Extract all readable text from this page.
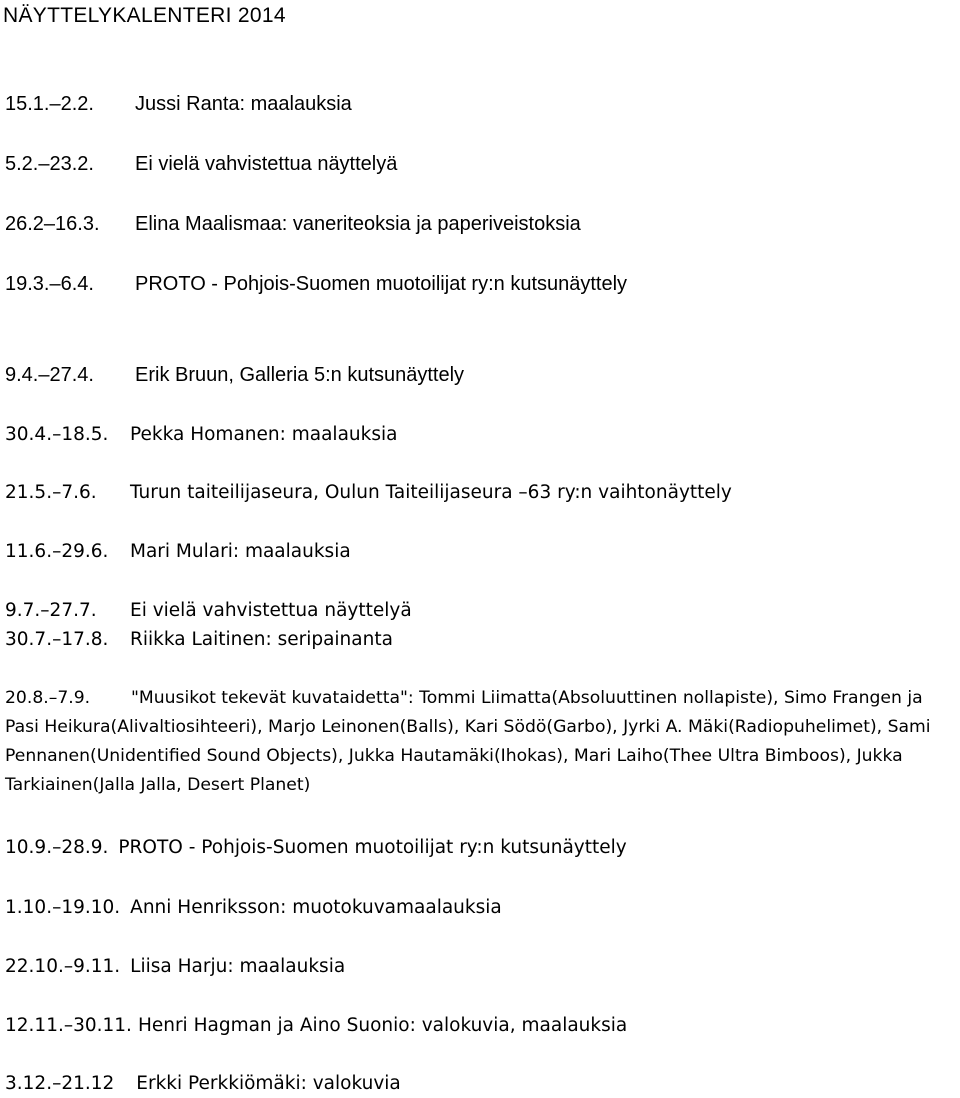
NÄYTTELYKALENTERI 2014
15.1.–2.2. Jussi Ranta: maalauksia
5.2.–23.2. Ei vielä vahvistettua näyttelyä
26.2–16.3. Elina Maalismaa: vaneriteoksia ja paperiveistoksia
19.3.–6.4. PROTO - Pohjois-Suomen muotoilijat ry:n kutsunäyttely
9.4.–27.4. Erik Bruun, Galleria 5:n kutsunäyttely
30.4.–18.5. Pekka Homanen: maalauksia
21.5.–7.6. Turun taiteilijaseura, Oulun Taiteilijaseura –63 ry:n vaihtonäyttely
11.6.–29.6. Mari Mulari: maalauksia
9.7.–27.7. Ei vielä vahvistettua näyttelyä
30.7.–17.8. Riikka Laitinen: seripainanta
20.8.–7.9. "Muusikot tekevät kuvataidetta": Tommi Liimatta(Absoluuttinen nollapiste), Simo Frangen ja Pasi Heikura(Alivaltiosihteeri), Marjo Leinonen(Balls), Kari Södö(Garbo), Jyrki A. Mäki(Radiopuhelimet), Sami Pennanen(Unidentified Sound Objects), Jukka Hautamäki(Ihokas), Mari Laiho(Thee Ultra Bimboos), Jukka Tarkiainen(Jalla Jalla, Desert Planet)
10.9.–28.9. PROTO - Pohjois-Suomen muotoilijat ry:n kutsunäyttely
1.10.–19.10. Anni Henriksson: muotokuvamaalauksia
22.10.–9.11. Liisa Harju: maalauksia
12.11.–30.11. Henri Hagman ja Aino Suonio: valokuvia, maalauksia
3.12.–21.12 Erkki Perkkiömäki: valokuvia
